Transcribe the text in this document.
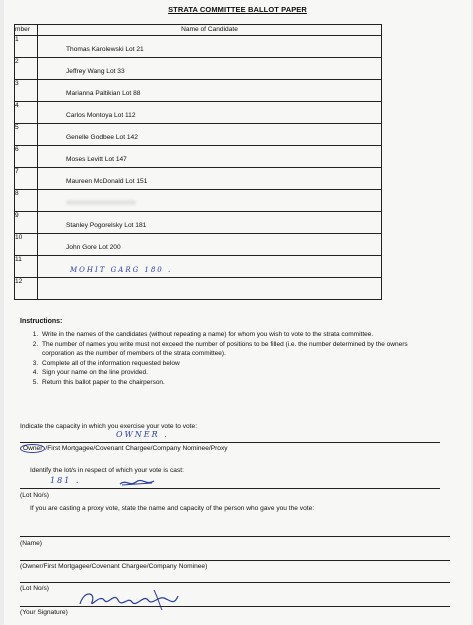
STRATA COMMITTEE BALLOT PAPER
mber	Name of Candidate
1	Thomas Karolewski Lot 21

2	Jeffrey Wang Lot 33

3	Marianna Paltikian Lot 88

4	Carlos Montoya Lot 112

5	Genelle Godbee Lot 142

6	Moses Levitt Lot 147

7	Maureen McDonald Lot 151

8	

9	Stanley Pogorelsky Lot 181

10	John Gore Lot 200

11	MOHIT GARG 180 .

12	
Instructions:
1. Write in the names of the candidates (without repeating a name) for whom you wish to vote to the strata committee.
2. The number of names you write must not exceed the number of positions to be filled (i.e. the number determined by the owners corporation as the number of members of the strata committee).
3. Complete all of the information requested below
4. Sign your name on the line provided.
5. Return this ballot paper to the chairperson.
Indicate the capacity in which you exercise your vote to vote:
OWNER .
Owner /First Mortgagee/Covenant Chargee/Company Nominee/Proxy
Identify the lot/s in respect of which your vote is cast:
181 .
(Lot No/s)
If you are casting a proxy vote, state the name and capacity of the person who gave you the vote:
(Name)
(Owner/First Mortgagee/Covenant Chargee/Company Nominee)
(Lot No/s)
(Your Signature)
